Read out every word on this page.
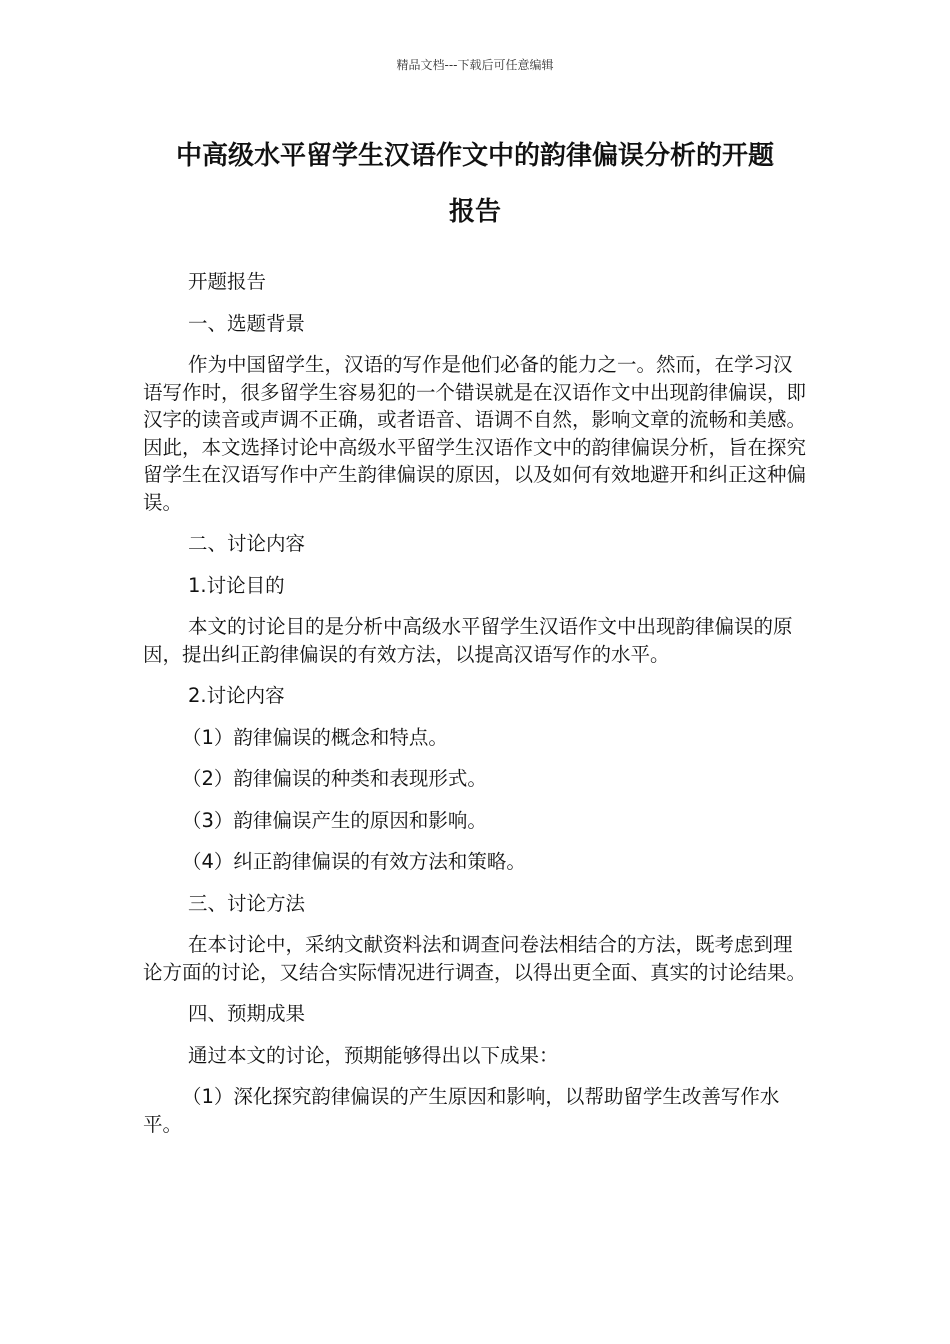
精品文档---下载后可任意编辑
中高级水平留学生汉语作文中的韵律偏误分析的开题
报告

开题报告

一、选题背景

作为中国留学生，汉语的写作是他们必备的能力之一。然而，在学习汉语写作时，很多留学生容易犯的一个错误就是在汉语作文中出现韵律偏误，即汉字的读音或声调不正确，或者语音、语调不自然，影响文章的流畅和美感。因此，本文选择讨论中高级水平留学生汉语作文中的韵律偏误分析，旨在探究留学生在汉语写作中产生韵律偏误的原因，以及如何有效地避开和纠正这种偏误。

二、讨论内容

1.讨论目的

本文的讨论目的是分析中高级水平留学生汉语作文中出现韵律偏误的原因，提出纠正韵律偏误的有效方法，以提高汉语写作的水平。

2.讨论内容

（1）韵律偏误的概念和特点。

（2）韵律偏误的种类和表现形式。

（3）韵律偏误产生的原因和影响。

（4）纠正韵律偏误的有效方法和策略。

三、讨论方法

在本讨论中，采纳文献资料法和调查问卷法相结合的方法，既考虑到理论方面的讨论，又结合实际情况进行调查，以得出更全面、真实的讨论结果。

四、预期成果

通过本文的讨论，预期能够得出以下成果：

（1）深化探究韵律偏误的产生原因和影响，以帮助留学生改善写作水平。
